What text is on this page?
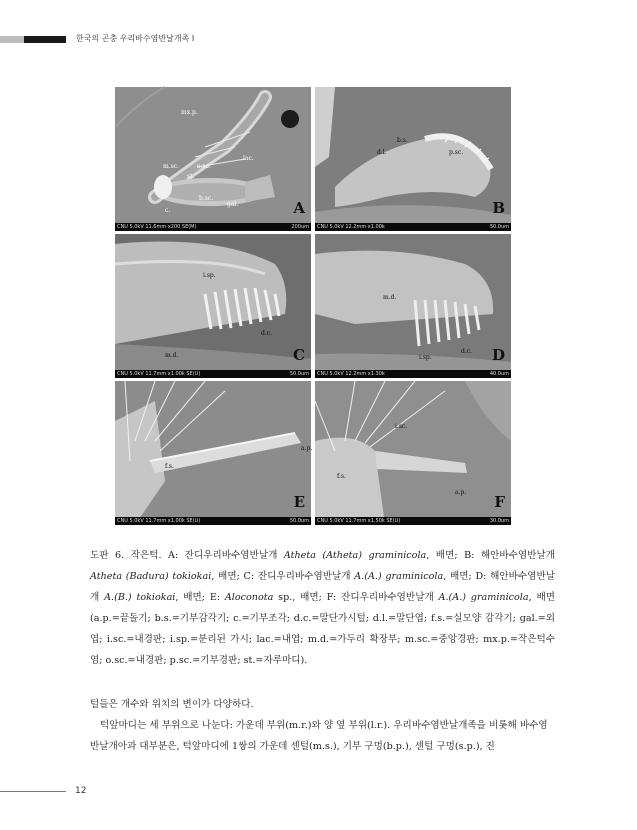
한국의 곤충 우리바수염반날개족 I
mx.p.
m.sc.	o.sc.
lac.
st.
b.sc.
gal.
c.	A
CNU 5.0kV 11.6mm x200 SE(M)	200um
b.s.
d.l.	p.sc.
B
CNU 5.0kV 12.2mm x1.00k	50.0um
i.sp.
d.c.
m.d.	C
CNU 5.0kV 11.7mm x1.00k SE(U)	50.0um
m.d.
i.sp.
d.c. D
CNU 5.0kV 12.2mm x1.30k	40.0um
a.p.
f.s.
E
CNU 5.0kV 11.7mm x1.00k SE(U)	50.0um
i.sc.
f.s.
a.p.
F
CNU 5.0kV 11.7mm x1.50k SE(U)	30.0um
도판 6. 작은턱. A: 잔디우리바수염반날개 Atheta (Atheta) graminicola, 배면; B: 해안바수염반날개 Atheta (Badura) tokiokai, 배면; C: 잔디우리바수염반날개 A.(A.) graminicola, 배면; D: 해안바수염반날개 A.(B.) tokiokai, 배면; E: Aloconota sp., 배면; F: 잔디우리바수염반날개 A.(A.) graminicola, 배면(a.p.=끝돌기; b.s.=기부감각기; c.=기부조각; d.c.=말단가시털; d.l.=말단엽; f.s.=실모양 감각기; gal.=외엽; i.sc.=내경판; i.sp.=분리된 가시; lac.=내엽; m.d.=가두리 확장부; m.sc.=중앙경판; mx.p.=작은턱수염; o.sc.=내경판; p.sc.=기부경판; st.=자루마디).
털들은 개수와 위치의 변이가 다양하다.
턱앞마디는 세 부위으로 나눈다: 가운데 부위(m.r.)와 양 옆 부위(l.r.). 우리바수염반날개족을 비롯해 바수염반날개아과 대부분은, 턱앞마디에 1쌍의 가운데 센털(m.s.), 기부 구멍(b.p.), 센털 구멍(s.p.), 진
12
